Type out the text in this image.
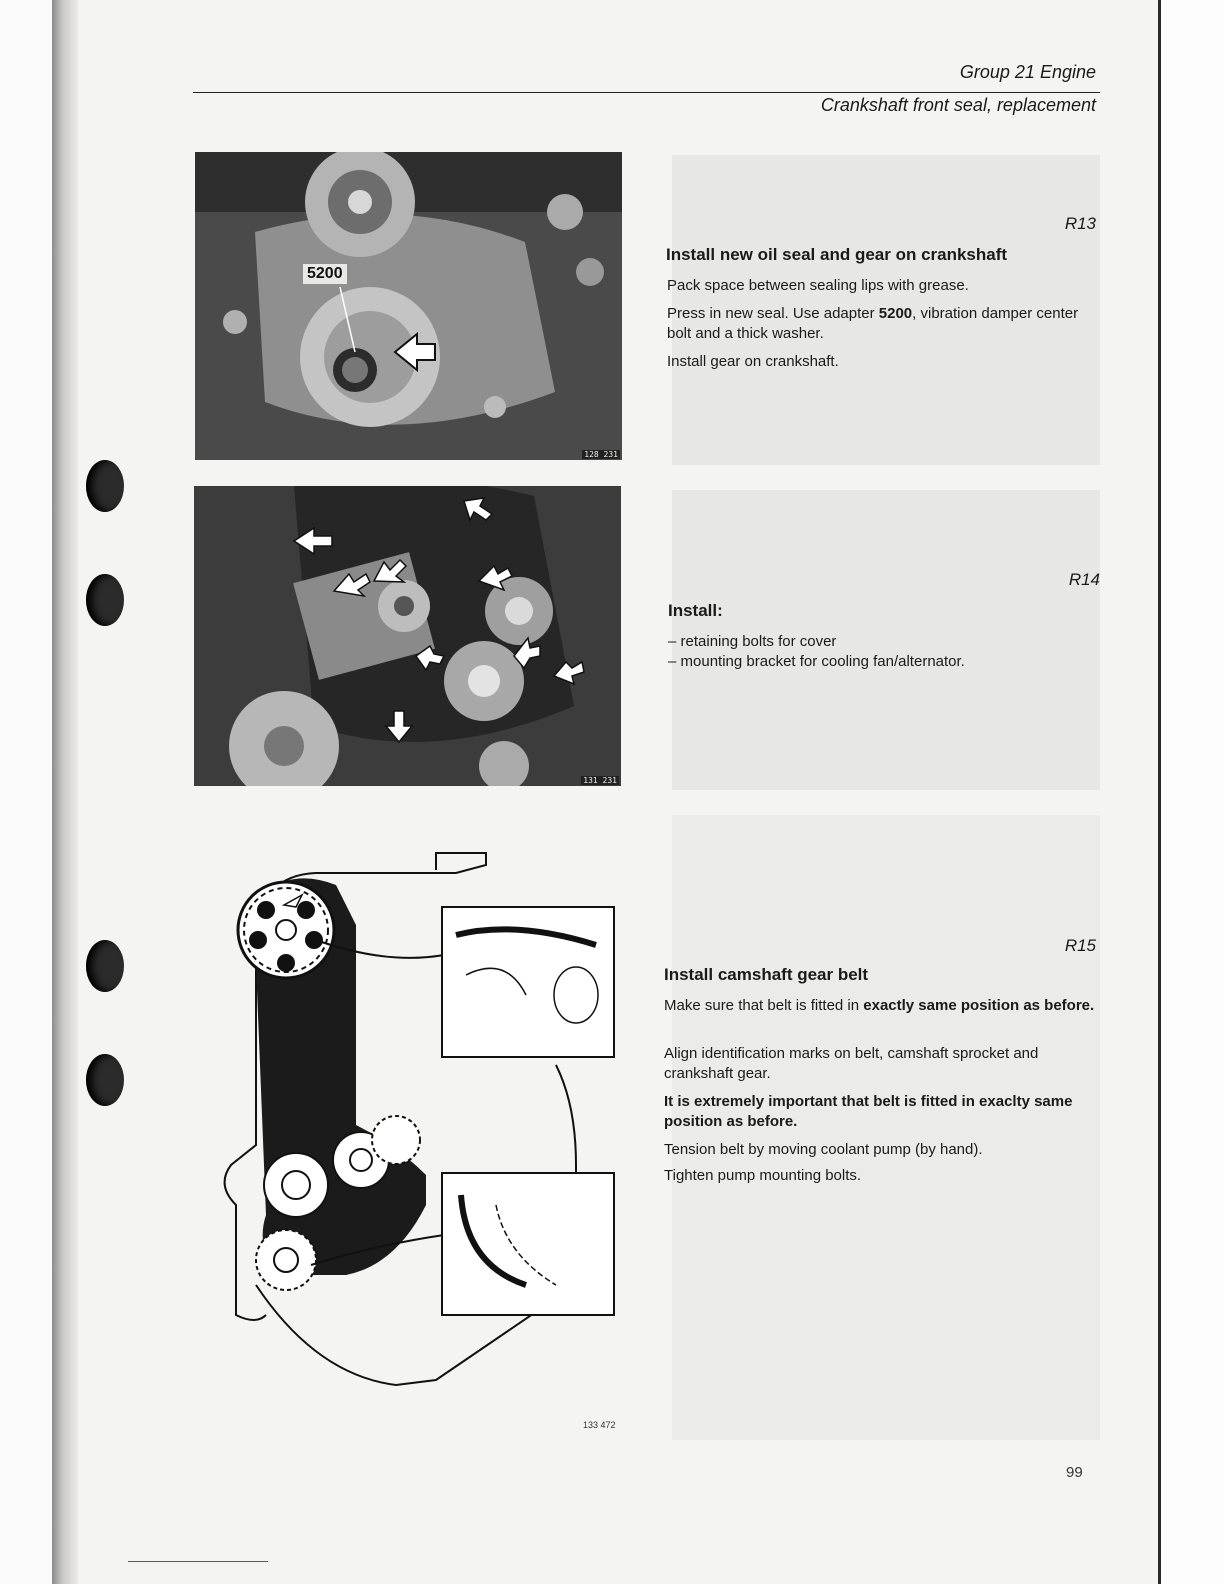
Group 21 Engine
Crankshaft front seal, replacement
5200
128 231
131 231
133 472
R13
Install new oil seal and gear on crankshaft
Pack space between sealing lips with grease.
Press in new seal. Use adapter 5200, vibration damper center bolt and a thick washer.
Install gear on crankshaft.
R14
Install:
– retaining bolts for cover
– mounting bracket for cooling fan/alternator.
R15
Install camshaft gear belt
Make sure that belt is fitted in exactly same position as before.
Align identification marks on belt, camshaft sprocket and crankshaft gear.
It is extremely important that belt is fitted in exaclty same position as before.
Tension belt by moving coolant pump (by hand).
Tighten pump mounting bolts.
99
